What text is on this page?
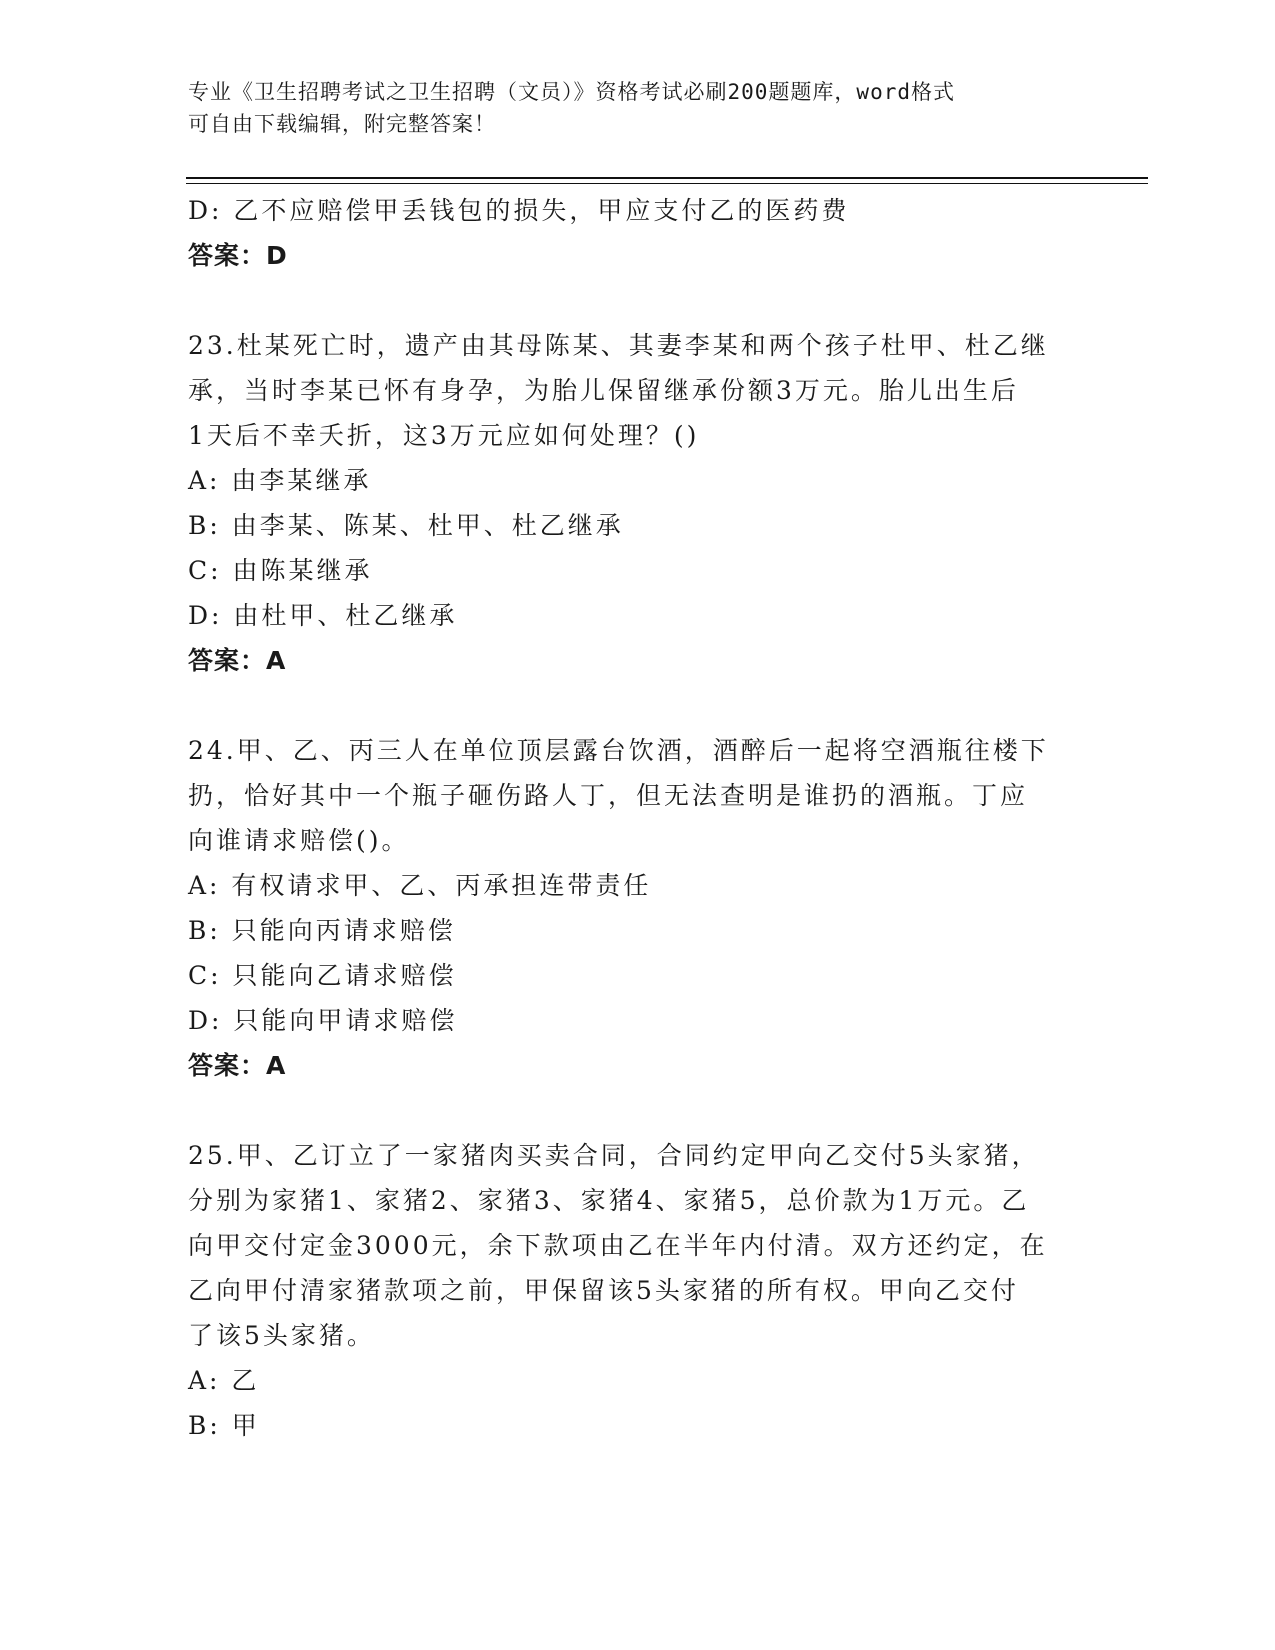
专业《卫生招聘考试之卫生招聘（文员）》资格考试必刷200题题库，word格式
可自由下载编辑，附完整答案！
D: 乙不应赔偿甲丢钱包的损失，甲应支付乙的医药费
答案：D
23.杜某死亡时，遗产由其母陈某、其妻李某和两个孩子杜甲、杜乙继
承，当时李某已怀有身孕，为胎儿保留继承份额3万元。胎儿出生后
1天后不幸夭折，这3万元应如何处理？()
A: 由李某继承
B: 由李某、陈某、杜甲、杜乙继承
C: 由陈某继承
D: 由杜甲、杜乙继承
答案：A
24.甲、乙、丙三人在单位顶层露台饮酒，酒醉后一起将空酒瓶往楼下
扔，恰好其中一个瓶子砸伤路人丁，但无法查明是谁扔的酒瓶。丁应
向谁请求赔偿()。
A: 有权请求甲、乙、丙承担连带责任
B: 只能向丙请求赔偿
C: 只能向乙请求赔偿
D: 只能向甲请求赔偿
答案：A
25.甲、乙订立了一家猪肉买卖合同，合同约定甲向乙交付5头家猪，
分别为家猪1、家猪2、家猪3、家猪4、家猪5，总价款为1万元。乙
向甲交付定金3000元，余下款项由乙在半年内付清。双方还约定，在
乙向甲付清家猪款项之前，甲保留该5头家猪的所有权。甲向乙交付
了该5头家猪。
A: 乙
B: 甲
